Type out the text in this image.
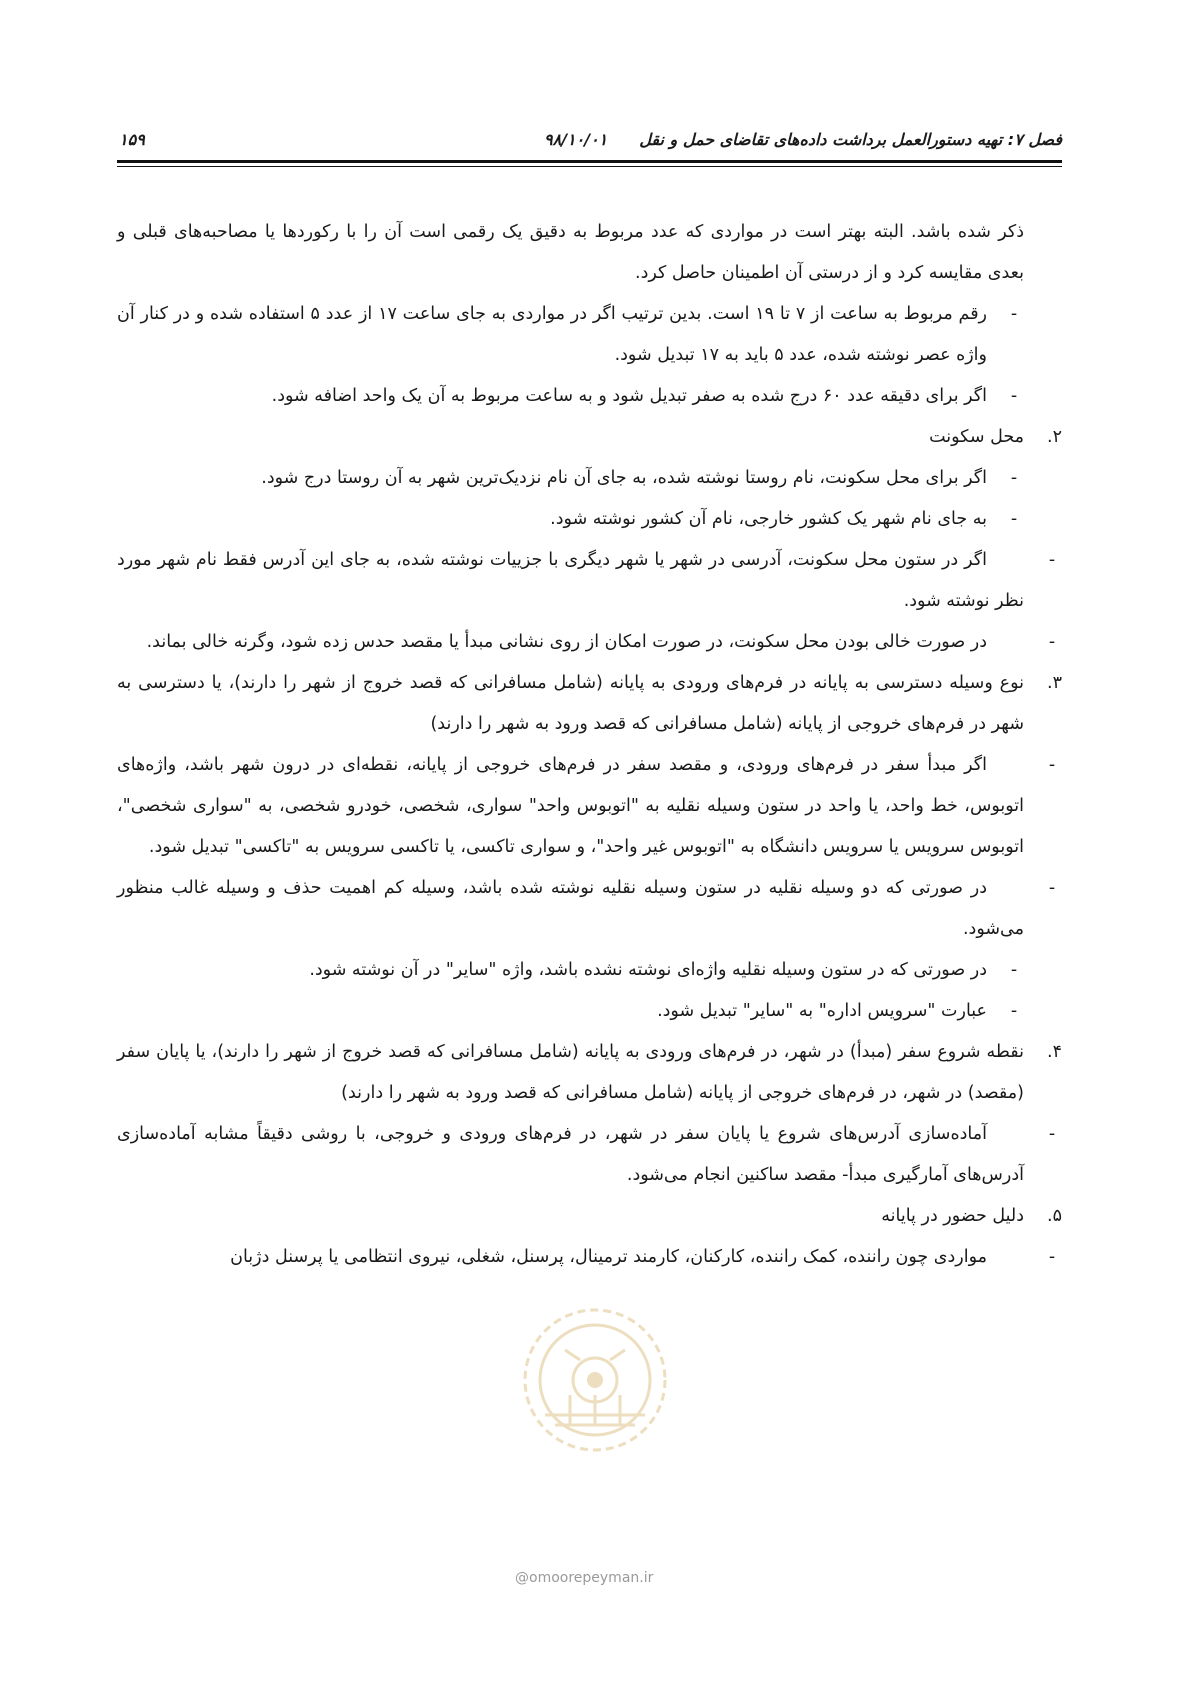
فصل ۷: تهیه دستورالعمل برداشت داده‌های تقاضای حمل و نقل
۹۸/۱۰/۰۱
۱۵۹

ذکر شده باشد. البته بهتر است در مواردی که عدد مربوط به دقیق یک رقمی است آن را با رکوردها یا مصاحبه‌های قبلی و بعدی مقایسه کرد و از درستی آن اطمینان حاصل کرد.

-
رقم مربوط به ساعت از ۷ تا ۱۹ است. بدین ترتیب اگر در مواردی به جای ساعت ۱۷ از عدد ۵ استفاده شده و در کنار آن واژه عصر نوشته شده، عدد ۵ باید به ۱۷ تبدیل شود.

-
اگر برای دقیقه عدد ۶۰ درج شده به صفر تبدیل شود و به ساعت مربوط به آن یک واحد اضافه شود.

۲.
محل سکونت

-
اگر برای محل سکونت، نام روستا نوشته شده، به جای آن نام نزدیک‌ترین شهر به آن روستا درج شود.

-
به جای نام شهر یک کشور خارجی، نام آن کشور نوشته شود.

-
اگر در ستون محل سکونت، آدرسی در شهر یا شهر دیگری با جزییات نوشته شده، به جای این آدرس فقط نام شهر مورد نظر نوشته شود.

-
در صورت خالی بودن محل سکونت، در صورت امکان از روی نشانی مبدأ یا مقصد حدس زده شود، وگرنه خالی بماند.

۳.
نوع وسیله دسترسی به پایانه در فرم‌های ورودی به پایانه (شامل مسافرانی که قصد خروج از شهر را دارند)، یا دسترسی به شهر در فرم‌های خروجی از پایانه (شامل مسافرانی که قصد ورود به شهر را دارند)

-
اگر مبدأ سفر در فرم‌های ورودی، و مقصد سفر در فرم‌های خروجی از پایانه، نقطه‌ای در درون شهر باشد، واژه‌های اتوبوس، خط واحد، یا واحد در ستون وسیله نقلیه به "اتوبوس واحد" سواری، شخصی، خودرو شخصی، به "سواری شخصی"، اتوبوس سرویس یا سرویس دانشگاه به "اتوبوس غیر واحد"، و سواری تاکسی، یا تاکسی سرویس به "تاکسی" تبدیل شود.

-
در صورتی که دو وسیله نقلیه در ستون وسیله نقلیه نوشته شده باشد، وسیله کم اهمیت حذف و وسیله غالب منظور می‌شود.

-
در صورتی که در ستون وسیله نقلیه واژه‌ای نوشته نشده باشد، واژه "سایر" در آن نوشته شود.

-
عبارت "سرویس اداره" به "سایر" تبدیل شود.

۴.
نقطه شروع سفر (مبدأ) در شهر، در فرم‌های ورودی به پایانه (شامل مسافرانی که قصد خروج از شهر را دارند)، یا پایان سفر (مقصد) در شهر، در فرم‌های خروجی از پایانه (شامل مسافرانی که قصد ورود به شهر را دارند)

-
آماده‌سازی آدرس‌های شروع یا پایان سفر در شهر، در فرم‌های ورودی و خروجی، با روشی دقیقاً مشابه آماده‌سازی آدرس‌های آمارگیری مبدأ- مقصد ساکنین انجام می‌شود.

۵.
دلیل حضور در پایانه

-
مواردی چون راننده، کمک راننده، کارکنان، کارمند ترمینال، پرسنل، شغلی، نیروی انتظامی یا پرسنل دژبان

@omoorepeyman.ir
